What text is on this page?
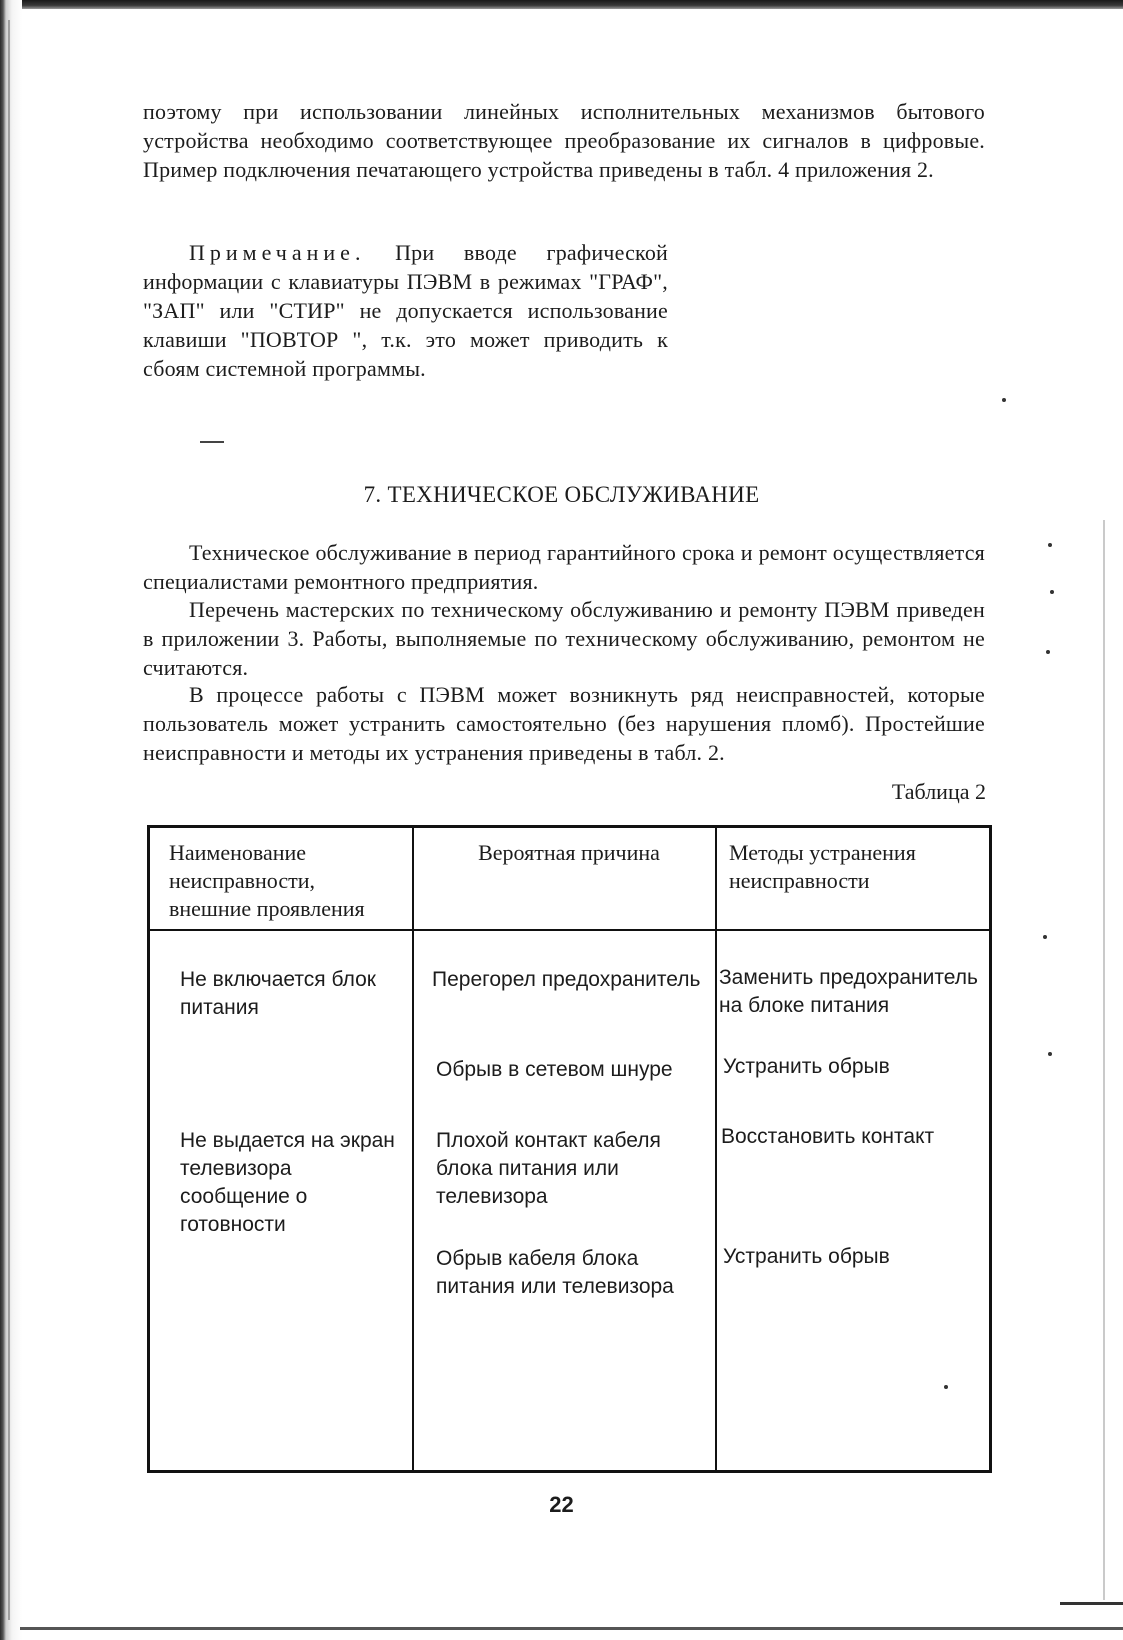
поэтому при использовании линейных исполнительных механизмов бытового устройства необходимо соответствующее преобразование их сигналов в цифровые. Пример подключения печатающего устройства приведены в табл. 4 приложения 2.

Примечание. При вводе графической информации с клавиатуры ПЭВМ в режимах "ГРАФ", "ЗАП" или "СТИР" не допускается использование клавиши "ПОВТОР ", т.к. это может приводить к сбоям системной программы.

7. ТЕХНИЧЕСКОЕ ОБСЛУЖИВАНИЕ

Техническое обслуживание в период гарантийного срока и ремонт осуществляется специалистами ремонтного предприятия.

Перечень мастерских по техническому обслуживанию и ремонту ПЭВМ приведен в приложении 3. Работы, выполняемые по техническому обслуживанию, ремонтом не считаются.

В процессе работы с ПЭВМ может возникнуть ряд неисправностей, которые пользователь может устранить самостоятельно (без нарушения пломб). Простейшие неисправности и методы их устранения приведены в табл. 2.

Таблица 2

Наименование неисправности, внешние проявления

Вероятная причина	Методы устранения неисправности

Не включается блок питания

Не выдается на экран телевизора сообщение о готовности

Перегорел предохранитель

Обрыв в сетевом шнуре

Плохой контакт кабеля блока питания или телевизора

Обрыв кабеля блока питания или телевизора

Заменить предохранитель на блоке питания

Устранить обрыв

Восстановить контакт

Устранить обрыв

22
